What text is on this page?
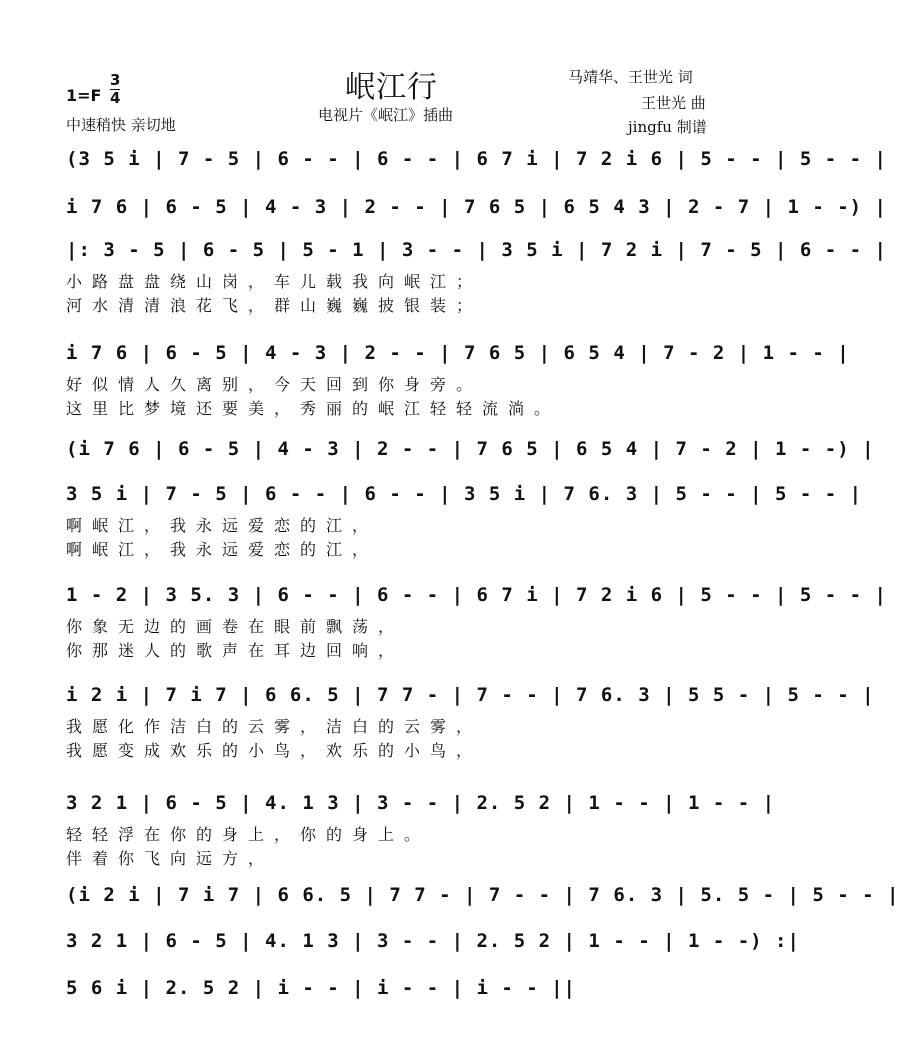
岷江行
电视片《岷江》插曲
1=F
3
4
中速稍快 亲切地
马靖华、王世光 词
王世光 曲
jingfu 制谱
(3 5 i | 7 - 5 | 6 - - | 6 - - | 6 7 i | 7 2 i 6 | 5 - - | 5 - - |
i 7 6 | 6 - 5 | 4 - 3 | 2 - - | 7 6 5 | 6 5 4 3 | 2 - 7 | 1 - -) |
|: 3 - 5 | 6 - 5 | 5 - 1 | 3 - - | 3 5 i | 7 2 i | 7 - 5 | 6 - - |
小路盘盘绕山岗，车儿载我向岷江；
河水清清浪花飞，群山巍巍披银装；
i 7 6 | 6 - 5 | 4 - 3 | 2 - - | 7 6 5 | 6 5 4 | 7 - 2 | 1 - - |
好似情人久离别，今天回到你身旁。
这里比梦境还要美，秀丽的岷江轻轻流淌。
(i 7 6 | 6 - 5 | 4 - 3 | 2 - - | 7 6 5 | 6 5 4 | 7 - 2 | 1 - -) |
3 5 i | 7 - 5 | 6 - - | 6 - - | 3 5 i | 7 6. 3 | 5 - - | 5 - - |
啊岷江，我永远爱恋的江，
啊岷江，我永远爱恋的江，
1 - 2 | 3 5. 3 | 6 - - | 6 - - | 6 7 i | 7 2 i 6 | 5 - - | 5 - - |
你象无边的画卷在眼前飘荡，
你那迷人的歌声在耳边回响，
i 2 i | 7 i 7 | 6 6. 5 | 7 7 - | 7 - - | 7 6. 3 | 5 5 - | 5 - - |
我愿化作洁白的云雾，洁白的云雾，
我愿变成欢乐的小鸟，欢乐的小鸟，
3 2 1 | 6 - 5 | 4. 1 3 | 3 - - | 2. 5 2 | 1 - - | 1 - - |
轻轻浮在你的身上，你的身上。
伴着你飞向远方，
(i 2 i | 7 i 7 | 6 6. 5 | 7 7 - | 7 - - | 7 6. 3 | 5. 5 - | 5 - - |
3 2 1 | 6 - 5 | 4. 1 3 | 3 - - | 2. 5 2 | 1 - - | 1 - -) :|
5 6 i | 2. 5 2 | i - - | i - - | i - - ||
